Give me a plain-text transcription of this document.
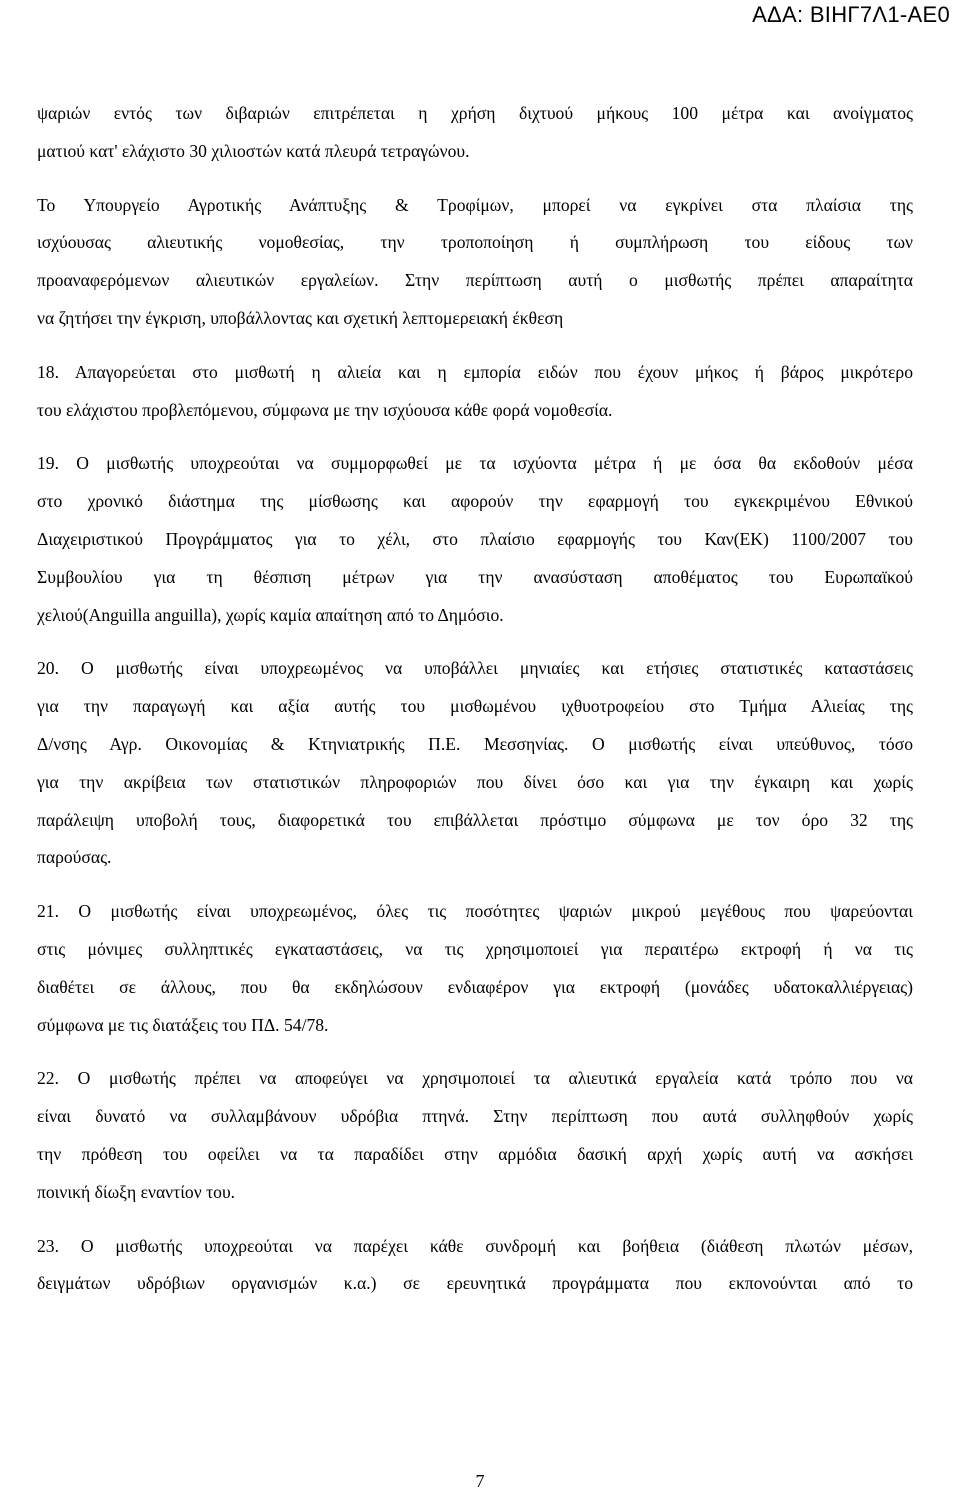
ΑΔΑ: ΒΙΗΓ7Λ1-ΑΕ0
ψαριών εντός των διβαριών επιτρέπεται η χρήση διχτυού μήκους 100 μέτρα και ανοίγματος
ματιού κατ' ελάχιστο 30 χιλιοστών κατά πλευρά τετραγώνου.
Το Υπουργείο Αγροτικής Ανάπτυξης & Τροφίμων, μπορεί να εγκρίνει στα πλαίσια της
ισχύουσας αλιευτικής νομοθεσίας, την τροποποίηση ή συμπλήρωση του είδους των
προαναφερόμενων αλιευτικών εργαλείων. Στην περίπτωση αυτή ο μισθωτής πρέπει απαραίτητα
να ζητήσει την έγκριση, υποβάλλοντας και σχετική λεπτομερειακή έκθεση
18. Απαγορεύεται στο μισθωτή η αλιεία και η εμπορία ειδών που έχουν μήκος ή βάρος μικρότερο
του ελάχιστου προβλεπόμενου, σύμφωνα με την ισχύουσα κάθε φορά νομοθεσία.
19. Ο μισθωτής υποχρεούται να συμμορφωθεί με τα ισχύοντα μέτρα ή με όσα θα εκδοθούν μέσα
στο χρονικό διάστημα της μίσθωσης και αφορούν την εφαρμογή του εγκεκριμένου Εθνικού
Διαχειριστικού Προγράμματος για το χέλι, στο πλαίσιο εφαρμογής του Καν(ΕΚ) 1100/2007 του
Συμβουλίου για τη θέσπιση μέτρων για την ανασύσταση αποθέματος του Ευρωπαϊκού
χελιού(Anguilla anguilla), χωρίς καμία απαίτηση από το Δημόσιο.
20. Ο μισθωτής είναι υποχρεωμένος να υποβάλλει μηνιαίες και ετήσιες στατιστικές καταστάσεις
για την παραγωγή και αξία αυτής του μισθωμένου ιχθυοτροφείου στο Τμήμα Αλιείας της
Δ/νσης Αγρ. Οικονομίας & Κτηνιατρικής Π.Ε. Μεσσηνίας. Ο μισθωτής είναι υπεύθυνος, τόσο
για την ακρίβεια των στατιστικών πληροφοριών που δίνει όσο και για την έγκαιρη και χωρίς
παράλειψη υποβολή τους, διαφορετικά του επιβάλλεται πρόστιμο σύμφωνα με τον όρο 32 της
παρούσας.
21. Ο μισθωτής είναι υποχρεωμένος, όλες τις ποσότητες ψαριών μικρού μεγέθους που ψαρεύονται
στις μόνιμες συλληπτικές εγκαταστάσεις, να τις χρησιμοποιεί για περαιτέρω εκτροφή ή να τις
διαθέτει σε άλλους, που θα εκδηλώσουν ενδιαφέρον για εκτροφή (μονάδες υδατοκαλλιέργειας)
σύμφωνα με τις διατάξεις του ΠΔ. 54/78.
22. Ο μισθωτής πρέπει να αποφεύγει να χρησιμοποιεί τα αλιευτικά εργαλεία κατά τρόπο που να
είναι δυνατό να συλλαμβάνουν υδρόβια πτηνά. Στην περίπτωση που αυτά συλληφθούν χωρίς
την πρόθεση του οφείλει να τα παραδίδει στην αρμόδια δασική αρχή χωρίς αυτή να ασκήσει
ποινική δίωξη εναντίον του.
23. Ο μισθωτής υποχρεούται να παρέχει κάθε συνδρομή και βοήθεια (διάθεση πλωτών μέσων,
δειγμάτων υδρόβιων οργανισμών κ.α.) σε ερευνητικά προγράμματα που εκπονούνται από το
7
